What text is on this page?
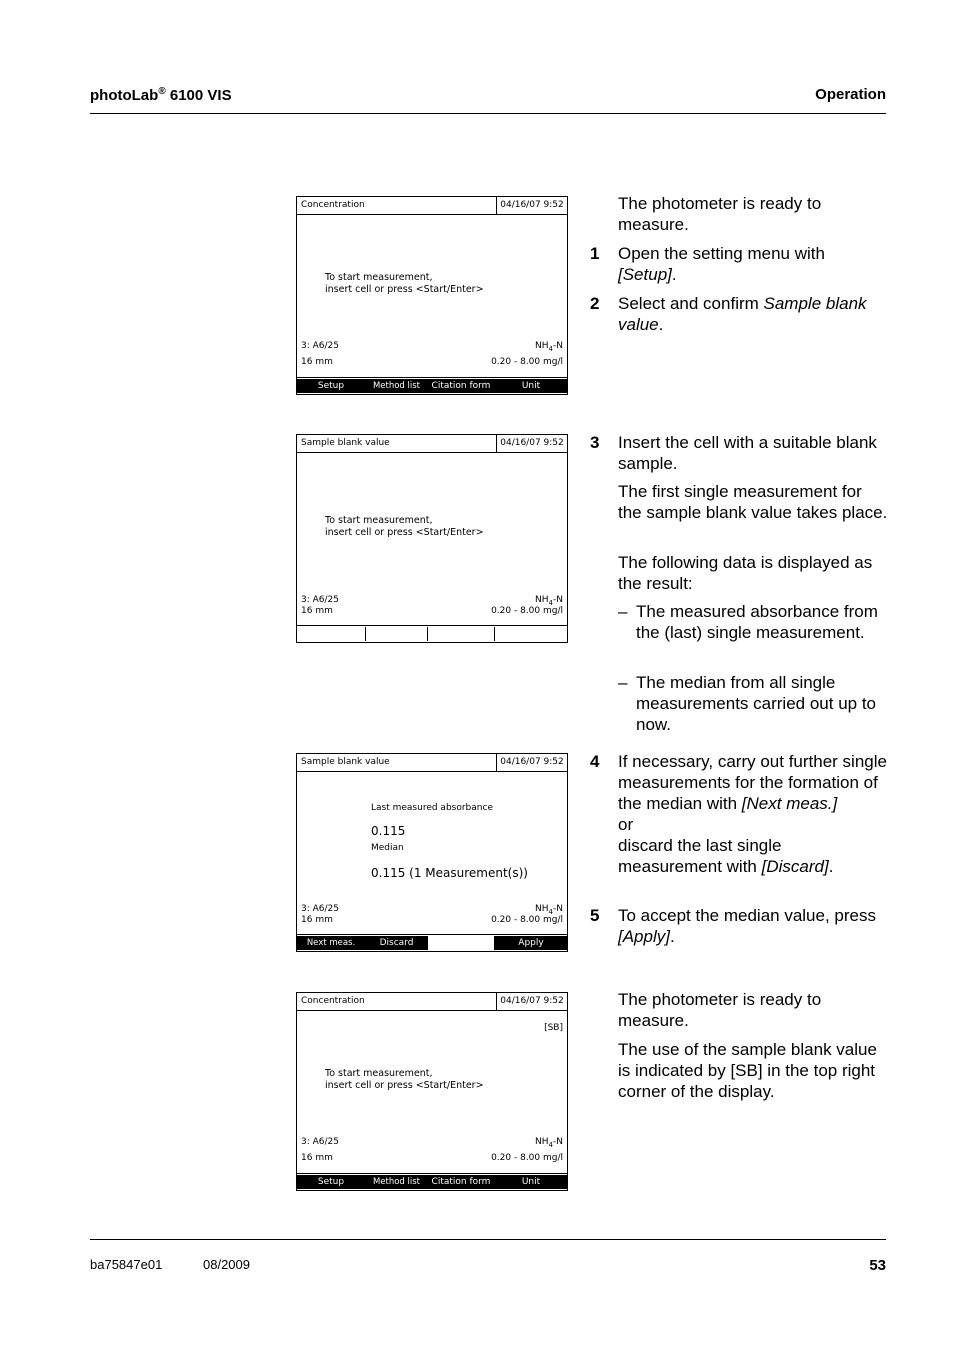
photoLab® 6100 VIS	Operation
Concentration	04/16/07 9:52
To start measurement,
insert cell or press <Start/Enter>
3: A6/25	$NH_4-N$
16 mm	0.20 - 8.00 mg/l
Setup	Method list	Citation form	Unit
Sample blank value	04/16/07 9:52
To start measurement,
insert cell or press <Start/Enter>
3: A6/25	$NH_4-N$
16 mm	0.20 - 8.00 mg/l
Sample blank value	04/16/07 9:52
Last measured absorbance
0.115
Median
0.115 (1 Measurement(s))
3: A6/25	$NH_4-N$
16 mm	0.20 - 8.00 mg/l
Next meas.	Discard	Apply
Concentration	04/16/07 9:52
[SB]
To start measurement,
insert cell or press <Start/Enter>
3: A6/25	$NH_4-N$
16 mm	0.20 - 8.00 mg/l
Setup	Method list	Citation form	Unit
The photometer is ready to measure.
1 Open the setting menu with [Setup].
2 Select and confirm Sample blank value.
3 Insert the cell with a suitable blank sample.
The first single measurement for the sample blank value takes place.
The following data is displayed as the result:
– The measured absorbance from the (last) single measurement.
– The median from all single measurements carried out up to now.
4 If necessary, carry out further single measurements for the formation of the median with [Next meas.]
or
discard the last single measurement with [Discard].
5 To accept the median value, press [Apply].
The photometer is ready to measure.
The use of the sample blank value is indicated by [SB] in the top right corner of the display.
ba75847e01	08/2009	53
